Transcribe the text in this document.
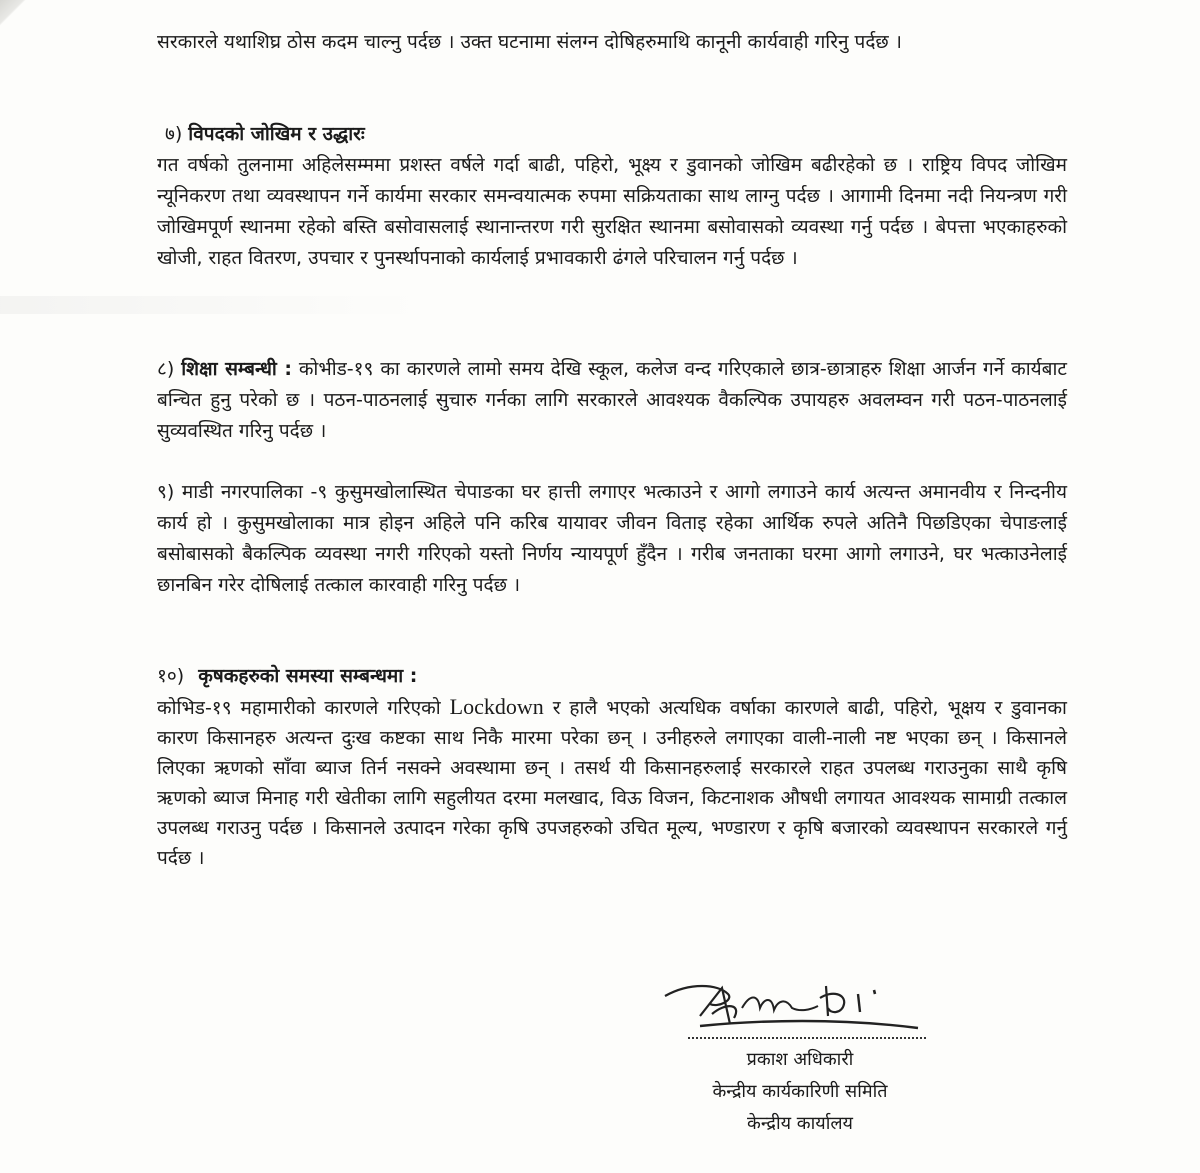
सरकारले यथाशिघ्र ठोस कदम चाल्नु पर्दछ । उक्त घटनामा संलग्न दोषिहरुमाथि कानूनी कार्यवाही गरिनु पर्दछ ।

७) विपदको जोखिम र उद्धारः

गत वर्षको तुलनामा अहिलेसम्ममा प्रशस्त वर्षले गर्दा बाढी, पहिरो, भूक्ष्य र डुवानको जोखिम बढीरहेको छ । राष्ट्रिय विपद जोखिम न्यूनिकरण तथा व्यवस्थापन गर्ने कार्यमा सरकार समन्वयात्मक रुपमा सक्रियताका साथ लाग्नु पर्दछ । आगामी दिनमा नदी नियन्त्रण गरी जोखिमपूर्ण स्थानमा रहेको बस्ति बसोवासलाई स्थानान्तरण गरी सुरक्षित स्थानमा बसोवासको व्यवस्था गर्नु पर्दछ । बेपत्ता भएकाहरुको खोजी, राहत वितरण, उपचार र पुनर्स्थापनाको कार्यलाई प्रभावकारी ढंगले परिचालन गर्नु पर्दछ ।

८) शिक्षा सम्बन्धी : कोभीड-१९ का कारणले लामो समय देखि स्कूल, कलेज वन्द गरिएकाले छात्र-छात्राहरु शिक्षा आर्जन गर्ने कार्यबाट बन्चित हुनु परेको छ । पठन-पाठनलाई सुचारु गर्नका लागि सरकारले आवश्यक वैकल्पिक उपायहरु अवलम्वन गरी पठन-पाठनलाई सुव्यवस्थित गरिनु पर्दछ ।

९) माडी नगरपालिका -९ कुसुमखोलास्थित चेपाङका घर हात्ती लगाएर भत्काउने र आगो लगाउने कार्य अत्यन्त अमानवीय र निन्दनीय कार्य हो । कुसुमखोलाका मात्र होइन अहिले पनि करिब यायावर जीवन विताइ रहेका आर्थिक रुपले अतिनै पिछडिएका चेपाङलाई बसोबासको बैकल्पिक व्यवस्था नगरी गरिएको यस्तो निर्णय न्यायपूर्ण हुँदैन । गरीब जनताका घरमा आगो लगाउने, घर भत्काउनेलाई छानबिन गरेर दोषिलाई तत्काल कारवाही गरिनु पर्दछ ।

१०) कृषकहरुको समस्या सम्बन्धमा :

कोभिड-१९ महामारीको कारणले गरिएको Lockdown र हालै भएको अत्यधिक वर्षाका कारणले बाढी, पहिरो, भूक्षय र डुवानका कारण किसानहरु अत्यन्त दुःख कष्टका साथ निकै मारमा परेका छन् । उनीहरुले लगाएका वाली-नाली नष्ट भएका छन् । किसानले लिएका ऋणको साँवा ब्याज तिर्न नसक्ने अवस्थामा छन् । तसर्थ यी किसानहरुलाई सरकारले राहत उपलब्ध गराउनुका साथै कृषि ऋणको ब्याज मिनाह गरी खेतीका लागि सहुलीयत दरमा मलखाद, विऊ विजन, किटनाशक औषधी लगायत आवश्यक सामाग्री तत्काल उपलब्ध गराउनु पर्दछ । किसानले उत्पादन गरेका कृषि उपजहरुको उचित मूल्य, भण्डारण र कृषि बजारको व्यवस्थापन सरकारले गर्नु पर्दछ ।

प्रकाश अधिकारी
केन्द्रीय कार्यकारिणी समिति
केन्द्रीय कार्यालय
